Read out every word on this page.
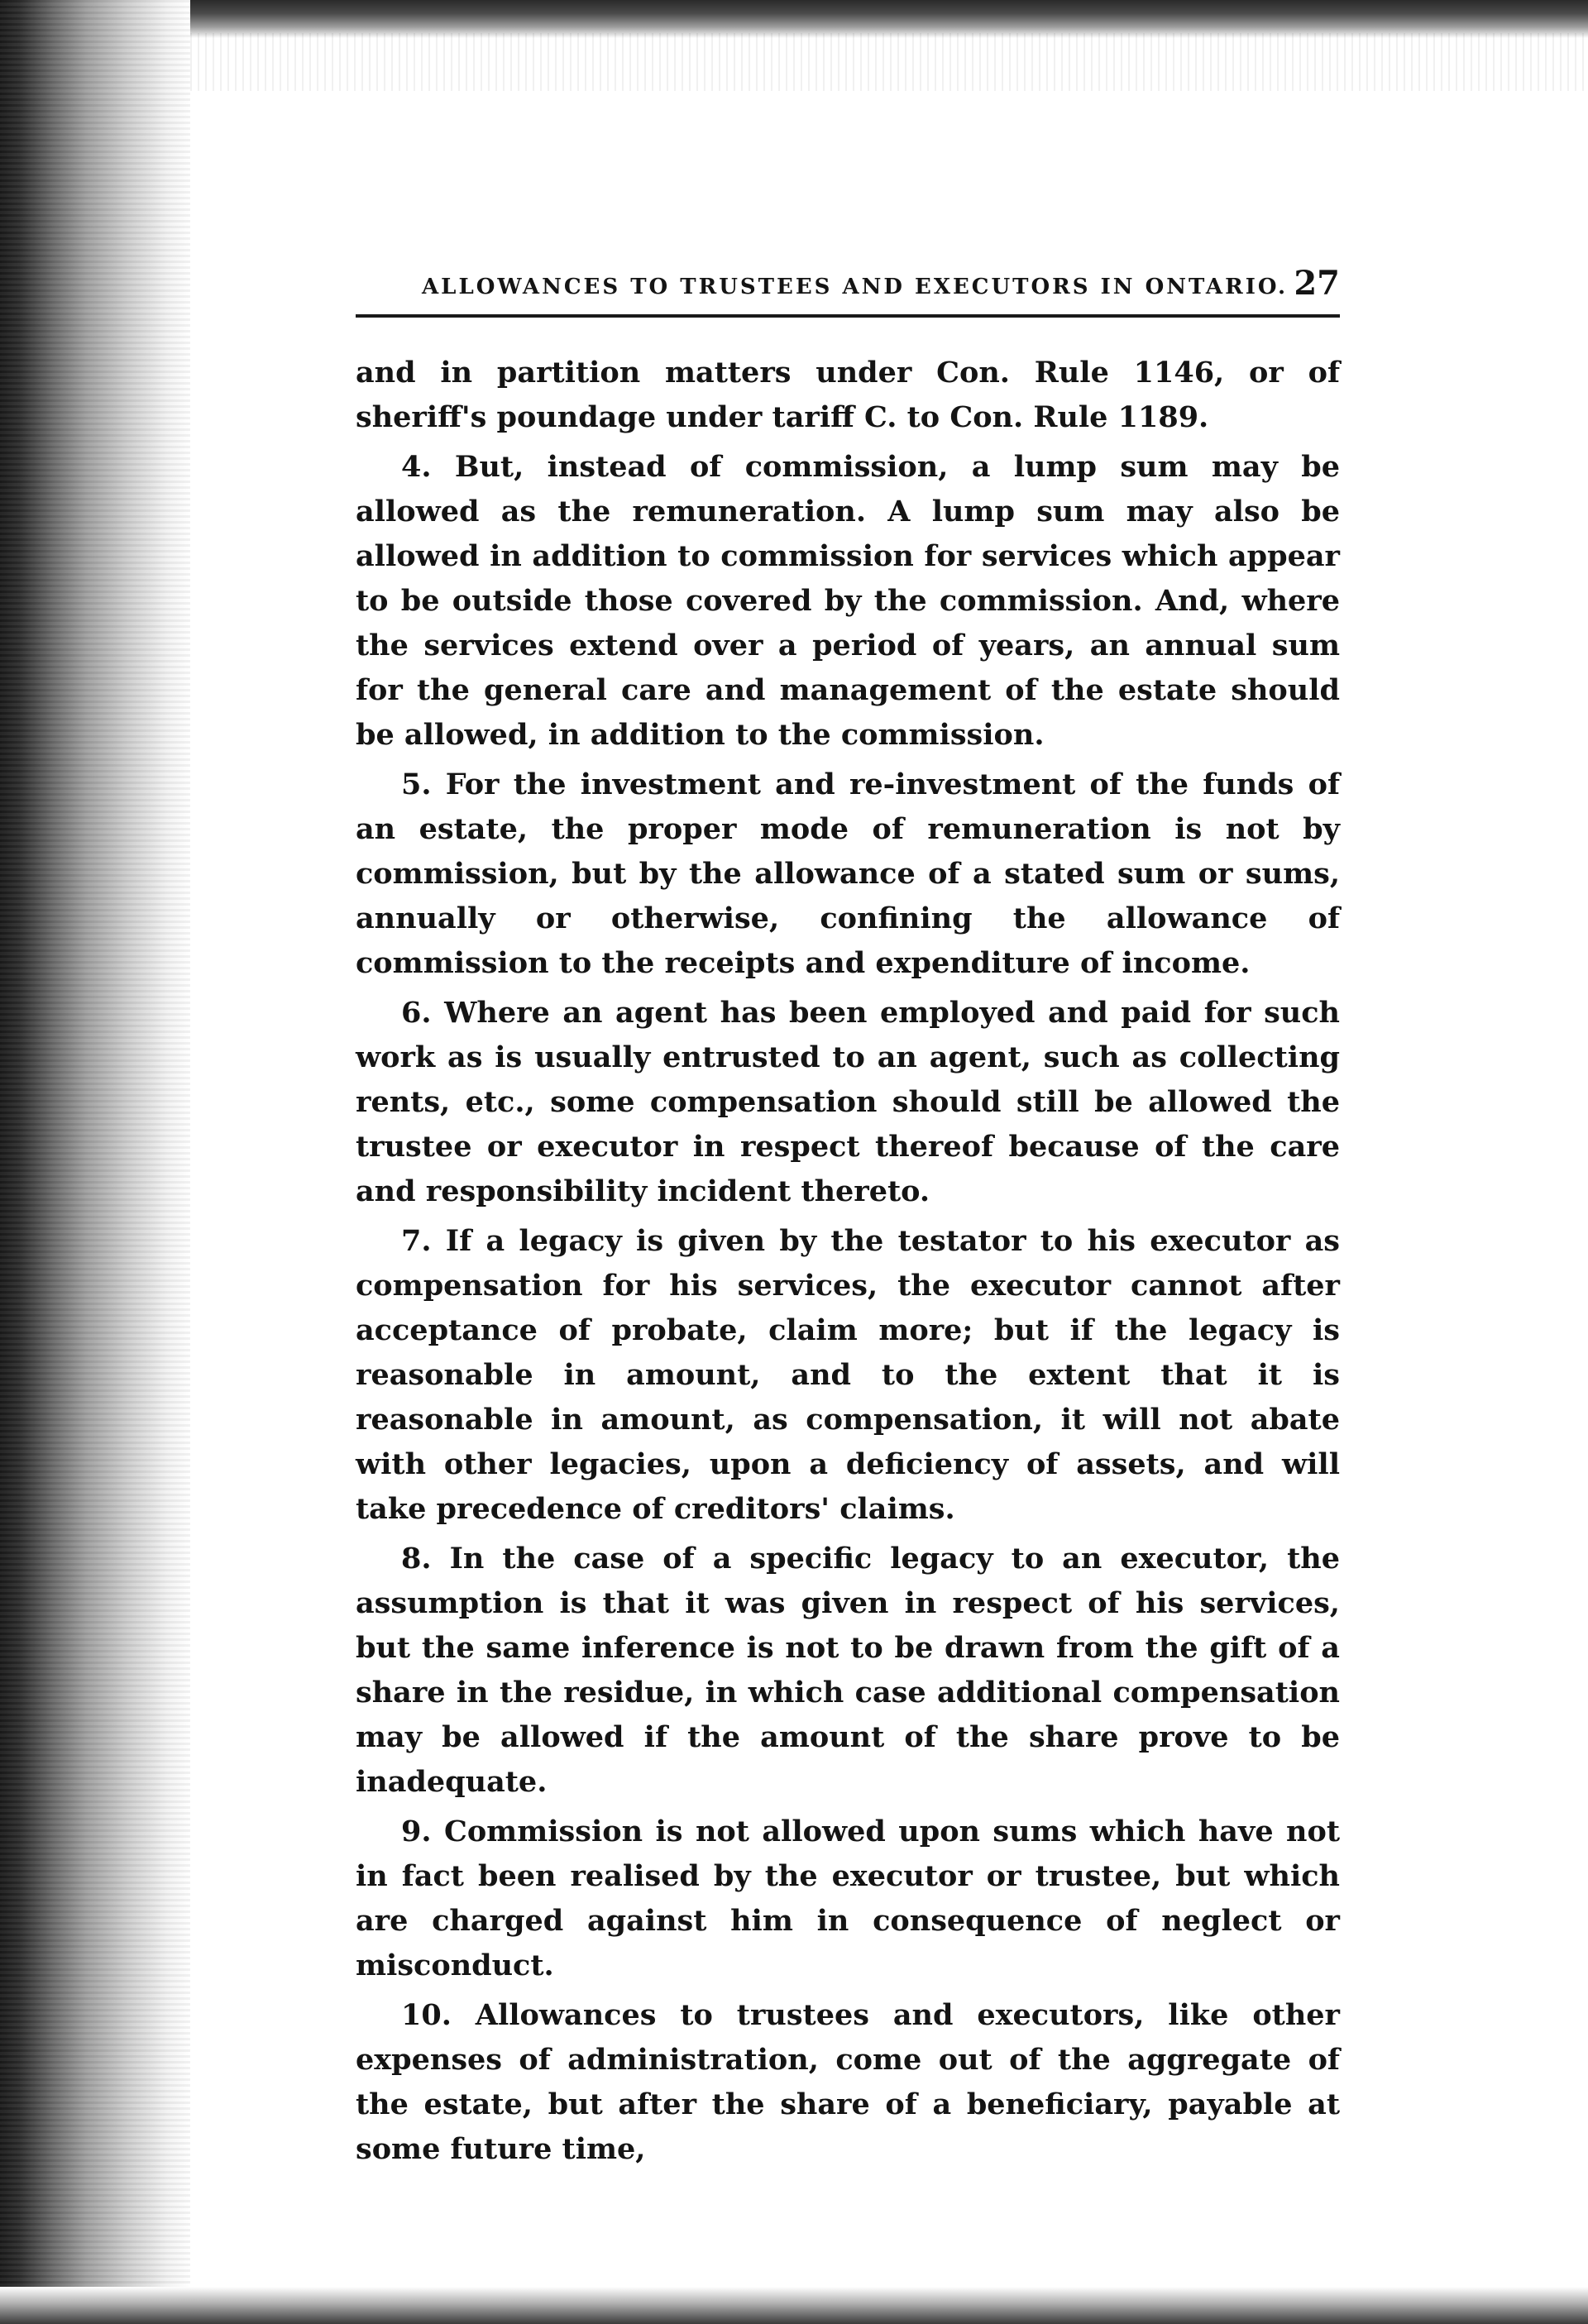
ALLOWANCES TO TRUSTEES AND EXECUTORS IN ONTARIO. 27

and in partition matters under Con. Rule 1146, or of sheriff's poundage under tariff C. to Con. Rule 1189.

4. But, instead of commission, a lump sum may be allowed as the remuneration. A lump sum may also be allowed in addition to commission for services which appear to be outside those covered by the commission. And, where the services extend over a period of years, an annual sum for the general care and management of the estate should be allowed, in addition to the commission.

5. For the investment and re-investment of the funds of an estate, the proper mode of remuneration is not by commission, but by the allowance of a stated sum or sums, annually or otherwise, confining the allowance of commission to the receipts and expenditure of income.

6. Where an agent has been employed and paid for such work as is usually entrusted to an agent, such as collecting rents, etc., some compensation should still be allowed the trustee or executor in respect thereof because of the care and responsibility incident thereto.

7. If a legacy is given by the testator to his executor as compensation for his services, the executor cannot after acceptance of probate, claim more; but if the legacy is reasonable in amount, and to the extent that it is reasonable in amount, as compensation, it will not abate with other legacies, upon a deficiency of assets, and will take precedence of creditors' claims.

8. In the case of a specific legacy to an executor, the assumption is that it was given in respect of his services, but the same inference is not to be drawn from the gift of a share in the residue, in which case additional compensation may be allowed if the amount of the share prove to be inadequate.

9. Commission is not allowed upon sums which have not in fact been realised by the executor or trustee, but which are charged against him in consequence of neglect or misconduct.

10. Allowances to trustees and executors, like other expenses of administration, come out of the aggregate of the estate, but after the share of a beneficiary, payable at some future time,
